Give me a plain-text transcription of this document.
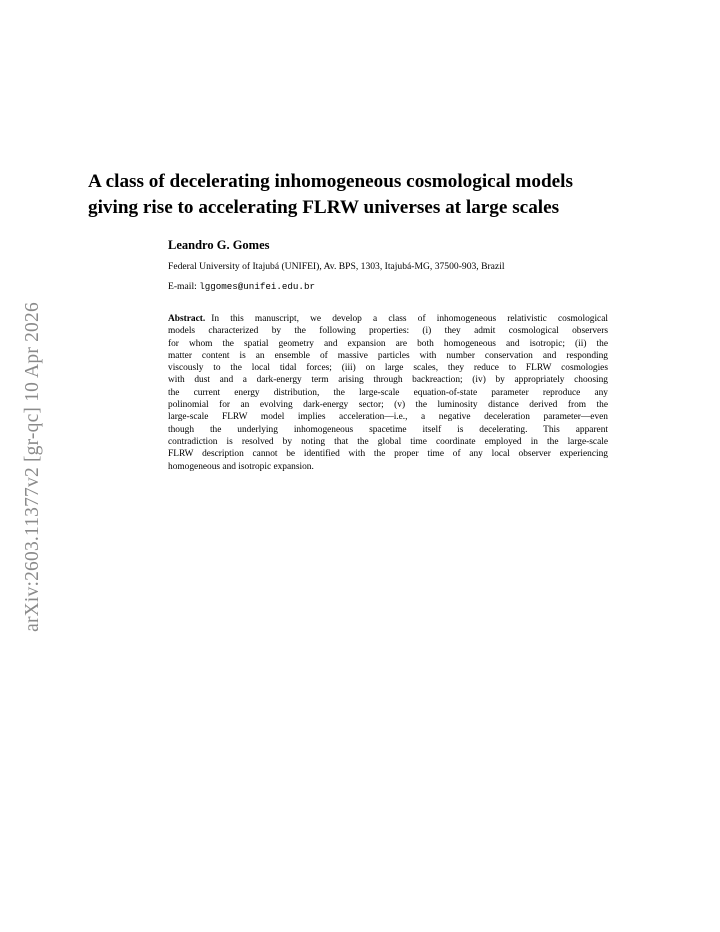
arXiv:2603.11377v2 [gr-qc] 10 Apr 2026
A class of decelerating inhomogeneous cosmological models
giving rise to accelerating FLRW universes at large scales

Leandro G. Gomes

Federal University of Itajubá (UNIFEI), Av. BPS, 1303, Itajubá-MG, 37500-903, Brazil

E-mail: lggomes@unifei.edu.br

Abstract. In this manuscript, we develop a class of inhomogeneous relativistic cosmological
models characterized by the following properties: (i) they admit cosmological observers
for whom the spatial geometry and expansion are both homogeneous and isotropic; (ii) the
matter content is an ensemble of massive particles with number conservation and responding
viscously to the local tidal forces; (iii) on large scales, they reduce to FLRW cosmologies
with dust and a dark-energy term arising through backreaction; (iv) by appropriately choosing
the current energy distribution, the large-scale equation-of-state parameter reproduce any
polinomial for an evolving dark-energy sector; (v) the luminosity distance derived from the
large-scale FLRW model implies acceleration—i.e., a negative deceleration parameter—even
though the underlying inhomogeneous spacetime itself is decelerating. This apparent
contradiction is resolved by noting that the global time coordinate employed in the large-scale
FLRW description cannot be identified with the proper time of any local observer experiencing
homogeneous and isotropic expansion.
